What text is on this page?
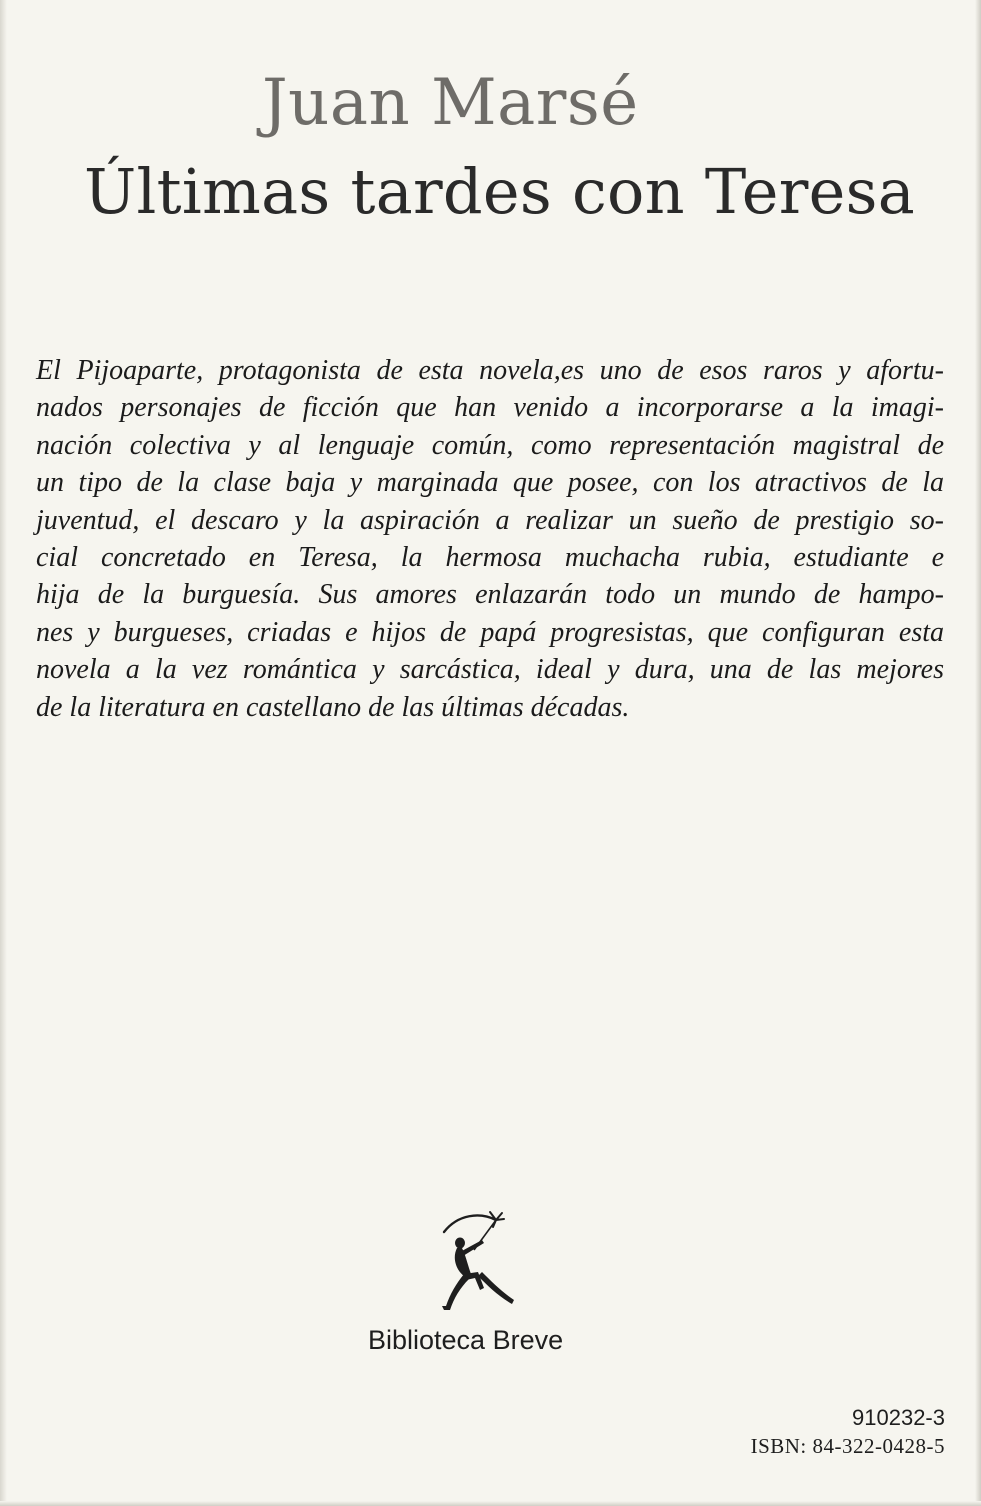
Juan Marsé
Últimas tardes con Teresa
El Pijoaparte, protagonista de esta novela,es uno de esos raros y afortu-
nados personajes de ficción que han venido a incorporarse a la imagi-
nación colectiva y al lenguaje común, como representación magistral de
un tipo de la clase baja y marginada que posee, con los atractivos de la
juventud, el descaro y la aspiración a realizar un sueño de prestigio so-
cial concretado en Teresa, la hermosa muchacha rubia, estudiante e
hija de la burguesía. Sus amores enlazarán todo un mundo de hampo-
nes y burgueses, criadas e hijos de papá progresistas, que configuran esta
novela a la vez romántica y sarcástica, ideal y dura, una de las mejores
de la literatura en castellano de las últimas décadas.

Biblioteca Breve

910232-3

ISBN: 84-322-0428-5
